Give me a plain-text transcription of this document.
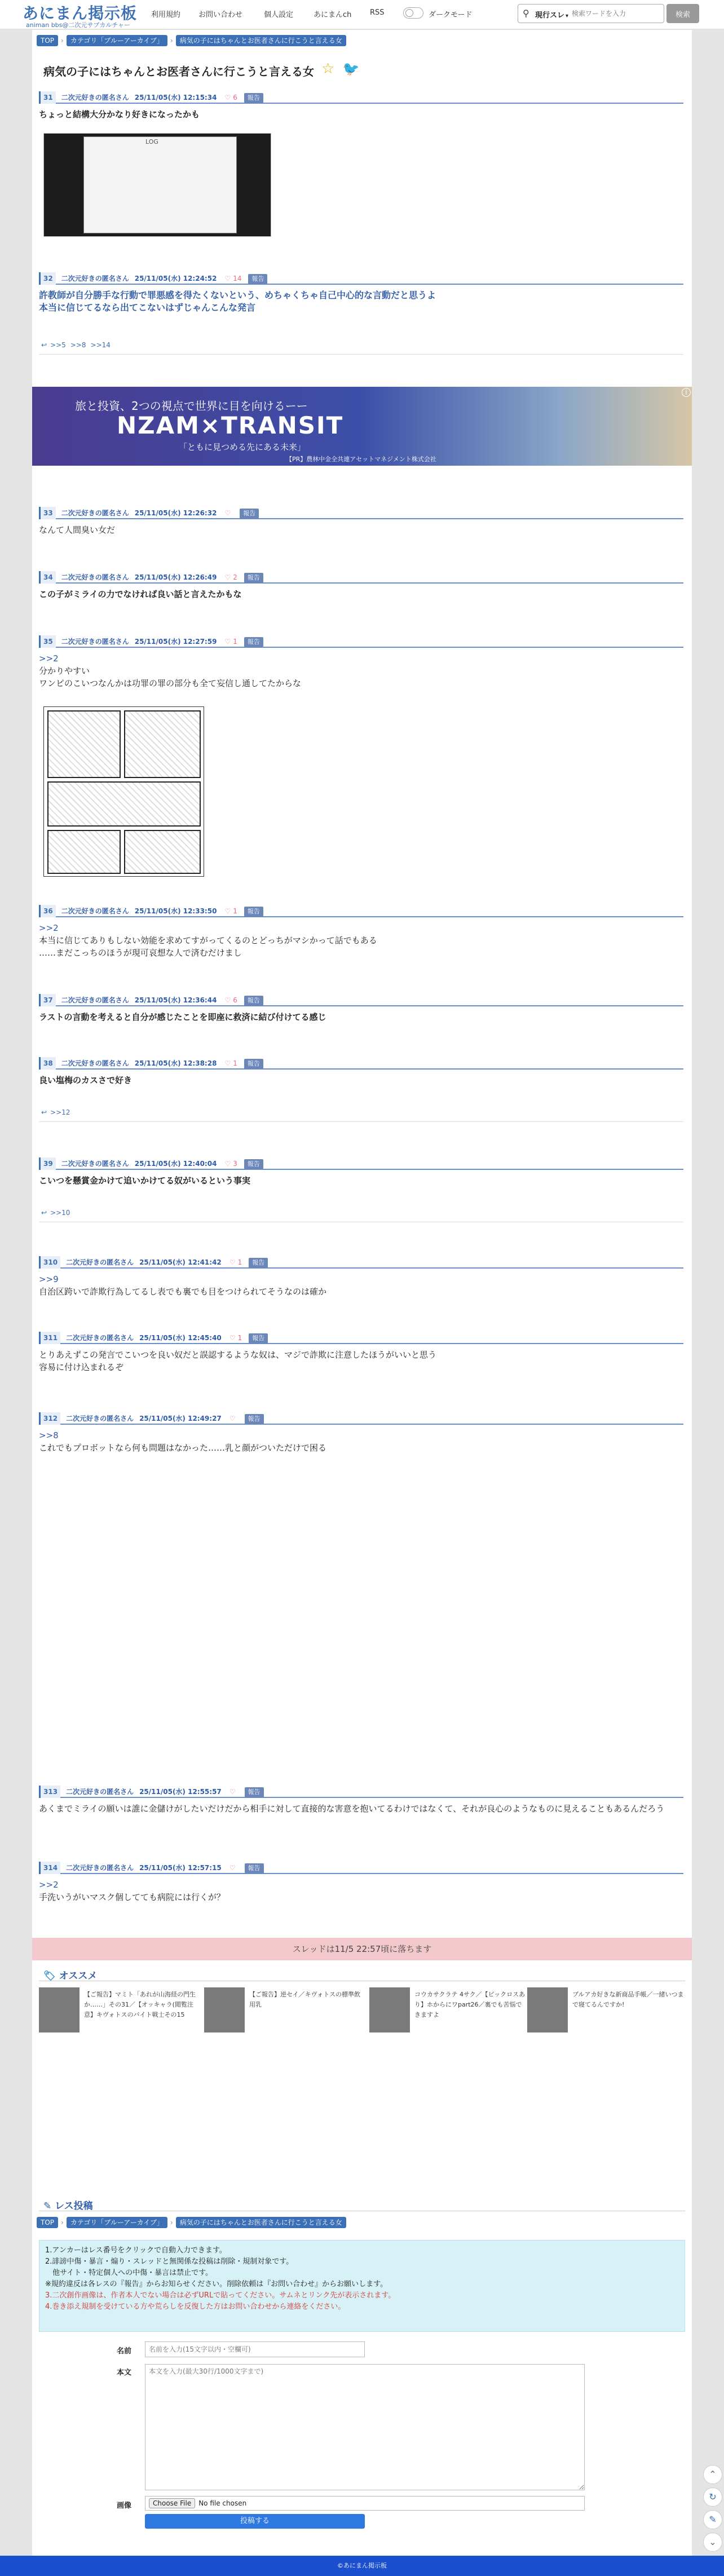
あにまん掲示板
animan bbs@二次元サブカルチャー
利用規約 お問い合わせ	個人設定	あにまんch	RSS	ダークモード	⚲ 現行スレ ▾
検索ワードを入力	検索
TOP › カテゴリ「ブルーアーカイブ」 › 病気の子にはちゃんとお医者さんに行こうと言える女
病気の子にはちゃんとお医者さんに行こうと言える女 ☆ 🐦
31 二次元好きの匿名さん 25/11/05(水) 12:15:34 ♡ 6 報告
ちょっと結構大分かなり好きになったかも
LOG
32 二次元好きの匿名さん 25/11/05(水) 12:24:52 ♡ 14 報告
許教師が自分勝手な行動で罪悪感を得たくないという、めちゃくちゃ自己中心的な言動だと思うよ
本当に信じてるなら出てこないはずじゃんこんな発言
↩ >>5 >>8 >>14
旅と投資、2つの視点で世界に目を向けるーー
NZAM×TRANSIT
「ともに見つめる先にある未来」
【PR】農林中金全共連アセットマネジメント株式会社
i
33 二次元好きの匿名さん 25/11/05(水) 12:26:32 ♡ 報告
なんて人間臭い女だ
34 二次元好きの匿名さん 25/11/05(水) 12:26:49 ♡ 2 報告
この子がミライの力でなければ良い話と言えたかもな
35 二次元好きの匿名さん 25/11/05(水) 12:27:59 ♡ 1 報告
>>2
分かりやすい
ワンピのこいつなんかは功罪の罪の部分も全て妄信し通してたからな
36 二次元好きの匿名さん 25/11/05(水) 12:33:50 ♡ 1 報告
>>2
本当に信じてありもしない効能を求めてすがってくるのとどっちがマシかって話でもある
……まだこっちのほうが現可哀想な人で済むだけまし
37 二次元好きの匿名さん 25/11/05(水) 12:36:44 ♡ 6 報告
ラストの言動を考えると自分が感じたことを即座に救済に結び付けてる感じ
38 二次元好きの匿名さん 25/11/05(水) 12:38:28 ♡ 1 報告
良い塩梅のカスさで好き
↩ >>12
39 二次元好きの匿名さん 25/11/05(水) 12:40:04 ♡ 3 報告
こいつを懸賞金かけて追いかけてる奴がいるという事実
↩ >>10
310 二次元好きの匿名さん 25/11/05(水) 12:41:42 ♡ 1 報告
>>9
自治区跨いで詐欺行為してるし表でも裏でも目をつけられてそうなのは確か
311 二次元好きの匿名さん 25/11/05(水) 12:45:40 ♡ 1 報告
とりあえずこの発言でこいつを良い奴だと誤認するような奴は、マジで詐欺に注意したほうがいいと思う
容易に付け込まれるぞ
312 二次元好きの匿名さん 25/11/05(水) 12:49:27 ♡ 報告
>>8
これでもプロボットなら何も問題はなかった……乳と顔がついただけで困る
313 二次元好きの匿名さん 25/11/05(水) 12:55:57 ♡ 報告
あくまでミライの願いは誰に金儲けがしたいだけだから相手に対して直接的な害意を抱いてるわけではなくて、それが良心のようなものに見えることもあるんだろう
314 二次元好きの匿名さん 25/11/05(水) 12:57:15 ♡ 報告
>>2
手洗いうがいマスク個してても病院には行くが？
スレッドは11/5 22:57頃に落ちます
🏷 オススメ
【ご報告】マミト「あれが山海経の門生か……」その31／【オッキャラ(閲覧注意】キヴォトスのバイト戦士その15
【ご報告】逆セイ／キヴォトスの標準飲用乳
コウカサクラテ 4サク／【ビックロスあり】ホからにワpart26／裏でも苦悩できますよ
ブルアカ好きな新商品手帳／一緒いつまで寝てるんですか!
✎ レス投稿
TOP › カテゴリ「ブルーアーカイブ」 › 病気の子にはちゃんとお医者さんに行こうと言える女
1.アンカーはレス番号をクリックで自動入力できます。
2.誹謗中傷・暴言・煽り・スレッドと無関係な投稿は削除・規制対象です。
　他サイト・特定個人への中傷・暴言は禁止です。
※規約違反は各レスの『報告』からお知らせください。削除依頼は『お問い合わせ』からお願いします。
3.二次創作画像は、作者本人でない場合は必ずURLで貼ってください。サムネとリンク先が表示されます。
4.巻き添え規制を受けている方や荒らしを反復した方はお問い合わせから連絡をください。
名前
名前を入力(15文字以内・空欄可)
本文
本文を入力(最大30行/1000文字まで)
画像	Choose File No file chosen
投稿する
⌃
↻
✎
⌄
©あにまん掲示板
